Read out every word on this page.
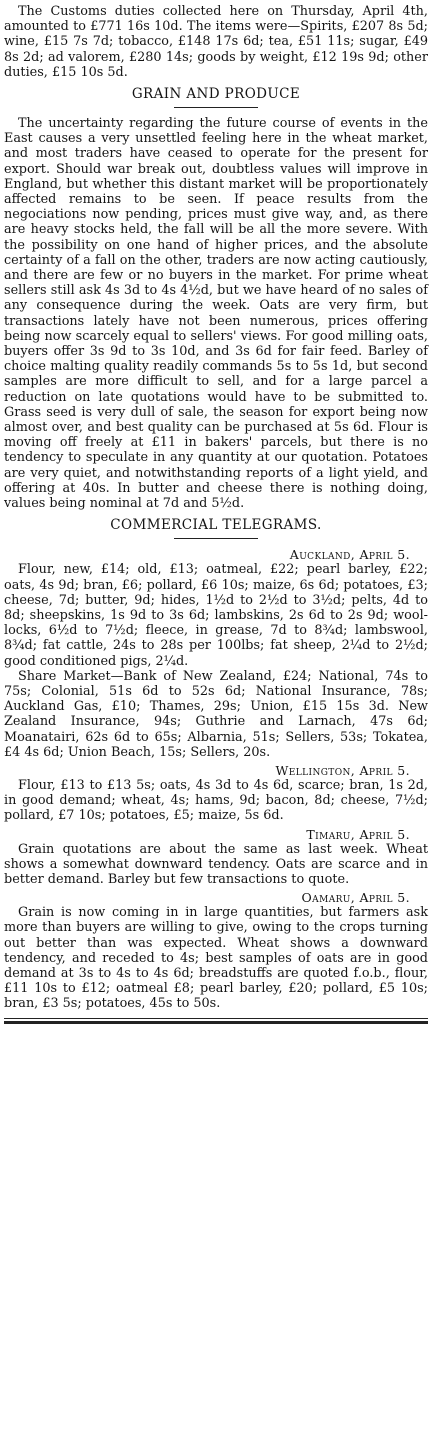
The Customs duties collected here on Thursday, April 4th, amounted to £771 16s 10d. The items were—Spirits, £207 8s 5d; wine, £15 7s 7d; tobacco, £148 17s 6d; tea, £51 11s; sugar, £49 8s 2d; ad valorem, £280 14s; goods by weight, £12 19s 9d; other duties, £15 10s 5d.

GRAIN AND PRODUCE

The uncertainty regarding the future course of events in the East causes a very unsettled feeling here in the wheat market, and most traders have ceased to operate for the present for export. Should war break out, doubtless values will improve in England, but whether this distant market will be proportionately affected remains to be seen. If peace results from the negociations now pending, prices must give way, and, as there are heavy stocks held, the fall will be all the more severe. With the possibility on one hand of higher prices, and the absolute certainty of a fall on the other, traders are now acting cautiously, and there are few or no buyers in the market. For prime wheat sellers still ask 4s 3d to 4s 4½d, but we have heard of no sales of any consequence during the week. Oats are very firm, but transactions lately have not been numerous, prices offering being now scarcely equal to sellers' views. For good milling oats, buyers offer 3s 9d to 3s 10d, and 3s 6d for fair feed. Barley of choice malting quality readily commands 5s to 5s 1d, but second samples are more difficult to sell, and for a large parcel a reduction on late quotations would have to be submitted to. Grass seed is very dull of sale, the season for export being now almost over, and best quality can be purchased at 5s 6d. Flour is moving off freely at £11 in bakers' parcels, but there is no tendency to speculate in any quantity at our quotation. Potatoes are very quiet, and notwithstanding reports of a light yield, and offering at 40s. In butter and cheese there is nothing doing, values being nominal at 7d and 5½d.

COMMERCIAL TELEGRAMS.
Auckland, April 5.

Flour, new, £14; old, £13; oatmeal, £22; pearl barley, £22; oats, 4s 9d; bran, £6; pollard, £6 10s; maize, 6s 6d; potatoes, £3; cheese, 7d; butter, 9d; hides, 1½d to 2½d to 3½d; pelts, 4d to 8d; sheepskins, 1s 9d to 3s 6d; lambskins, 2s 6d to 2s 9d; wool-locks, 6½d to 7½d; fleece, in grease, 7d to 8¾d; lambswool, 8¾d; fat cattle, 24s to 28s per 100lbs; fat sheep, 2¼d to 2½d; good conditioned pigs, 2¼d.

Share Market—Bank of New Zealand, £24; National, 74s to 75s; Colonial, 51s 6d to 52s 6d; National Insurance, 78s; Auckland Gas, £10; Thames, 29s; Union, £15 15s 3d. New Zealand Insurance, 94s; Guthrie and Larnach, 47s 6d; Moanatairi, 62s 6d to 65s; Albarnia, 51s; Sellers, 53s; Tokatea, £4 4s 6d; Union Beach, 15s; Sellers, 20s.

Wellington, April 5.

Flour, £13 to £13 5s; oats, 4s 3d to 4s 6d, scarce; bran, 1s 2d, in good demand; wheat, 4s; hams, 9d; bacon, 8d; cheese, 7½d; pollard, £7 10s; potatoes, £5; maize, 5s 6d.

Timaru, April 5.

Grain quotations are about the same as last week. Wheat shows a somewhat downward tendency. Oats are scarce and in better demand. Barley but few transactions to quote.

Oamaru, April 5.

Grain is now coming in in large quantities, but farmers ask more than buyers are willing to give, owing to the crops turning out better than was expected. Wheat shows a downward tendency, and receded to 4s; best samples of oats are in good demand at 3s to 4s to 4s 6d; breadstuffs are quoted f.o.b., flour, £11 10s to £12; oatmeal £8; pearl barley, £20; pollard, £5 10s; bran, £3 5s; potatoes, 45s to 50s.
